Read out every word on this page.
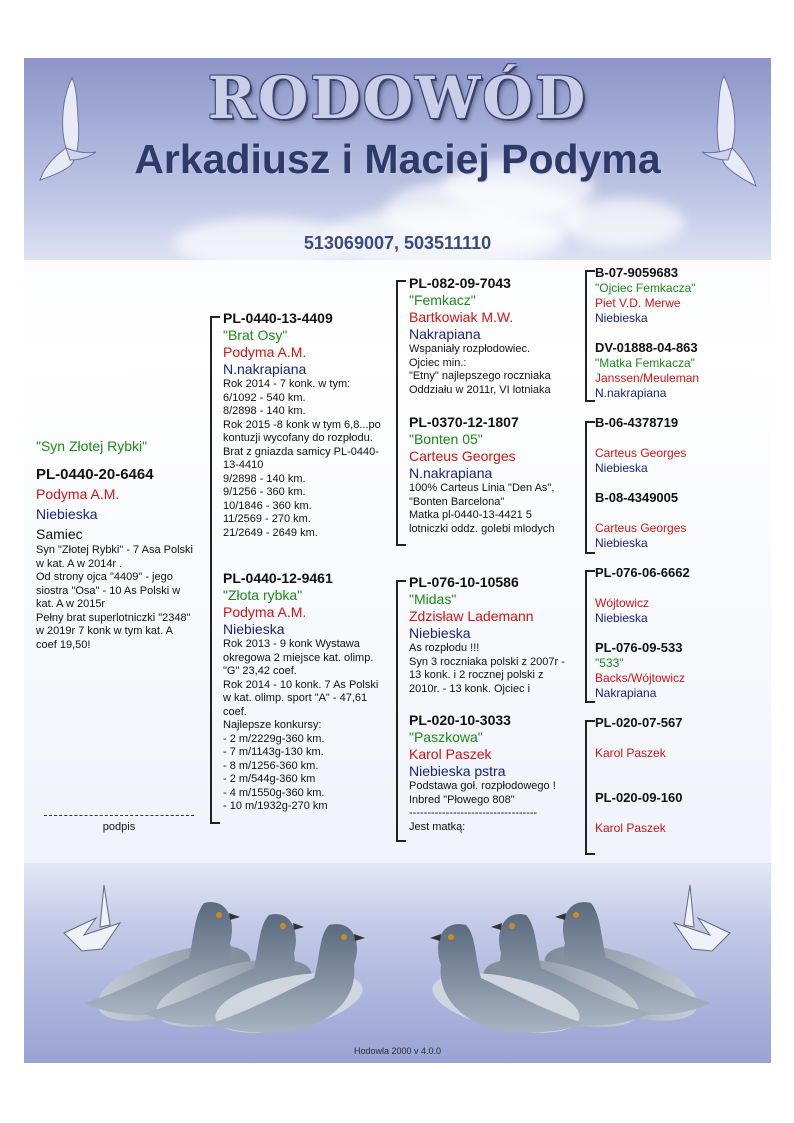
RODOWÓD
Arkadiusz i Maciej Podyma
513069007, 503511110
"Syn Złotej Rybki"
PL-0440-20-6464
Podyma A.M.
Niebieska
Samiec
Syn "Złotej Rybki" - 7 Asa Polski w kat. A w 2014r .
Od strony ojca "4409" - jego siostra "Osa" - 10 As Polski w kat. A w 2015r
Pełny brat superlotniczki "2348" w 2019r 7 konk w tym kat. A coef 19,50!
podpis
PL-0440-13-4409
"Brat Osy"
Podyma A.M.
N.nakrapiana
Rok 2014 - 7 konk. w tym:
6/1092 - 540 km.
8/2898 - 140 km.
Rok 2015 -8 konk w tym 6,8...po kontuzji wycofany do rozpłodu.
Brat z gniazda samicy PL-0440-13-4410
9/2898 - 140 km.
9/1256 - 360 km.
10/1846 - 360 km.
11/2569 - 270 km.
21/2649 - 2649 km.
PL-0440-12-9461
"Złota rybka"
Podyma A.M.
Niebieska
Rok 2013 - 9 konk Wystawa okregowa 2 miejsce kat. olimp. "G" 23,42 coef.
Rok 2014 - 10 konk. 7 As Polski w kat. olimp. sport "A" - 47,61 coef.
Najlepsze konkursy:
- 2 m/2229g-360 km.
- 7 m/1143g-130 km.
- 8 m/1256-360 km.
- 2 m/544g-360 km
- 4 m/1550g-360 km.
- 10 m/1932g-270 km
PL-082-09-7043
"Femkacz"
Bartkowiak M.W.
Nakrapiana
Wspaniały rozpłodowiec.
Ojciec min.:
"Etny" najlepszego roczniaka Oddziału w 2011r, VI lotniaka
PL-0370-12-1807
"Bonten 05"
Carteus Georges
N.nakrapiana
100% Carteus Linia "Den As", "Bonten Barcelona"
Matka pl-0440-13-4421 5 lotniczki oddz. golebi mlodych
PL-076-10-10586
"Midas"
Zdzisław Lademann
Niebieska
As rozpłodu !!!
Syn 3 roczniaka polski z 2007r - 13 konk. i 2 rocznej polski z 2010r. - 13 konk. Ojciec i
PL-020-10-3033
"Paszkowa"
Karol Paszek
Niebieska pstra
Podstawa goł. rozpłodowego !
Inbred "Płowego 808"
-----------------------------------
Jest matką:
B-07-9059683
"Ojciec Femkacza"
Piet V.D. Merwe
Niebieska
DV-01888-04-863
"Matka Femkacza"
Janssen/Meuleman
N.nakrapiana
B-06-4378719
Carteus Georges
Niebieska
B-08-4349005
Carteus Georges
Niebieska
PL-076-06-6662
Wójtowicz
Niebieska
PL-076-09-533
"533"
Backs/Wójtowicz
Nakrapiana
PL-020-07-567
Karol Paszek
PL-020-09-160
Karol Paszek
Hodowla 2000 v 4.0.0
